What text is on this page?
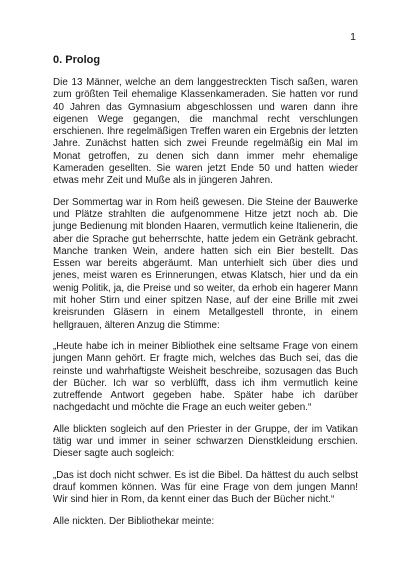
1
0. Prolog

Die 13 Männer, welche an dem langgestreckten Tisch saßen, waren zum größten Teil ehemalige Klassenkameraden. Sie hatten vor rund 40 Jahren das Gymnasium abgeschlossen und waren dann ihre eigenen Wege gegangen, die manchmal recht verschlungen erschienen. Ihre regelmäßigen Treffen waren ein Ergebnis der letzten Jahre. Zunächst hatten sich zwei Freunde regelmäßig ein Mal im Monat getroffen, zu denen sich dann immer mehr ehemalige Kameraden gesellten. Sie waren jetzt Ende 50 und hatten wieder etwas mehr Zeit und Muße als in jüngeren Jahren.

Der Sommertag war in Rom heiß gewesen. Die Steine der Bauwerke und Plätze strahlten die aufgenommene Hitze jetzt noch ab. Die junge Bedienung mit blonden Haaren, vermutlich keine Italienerin, die aber die Sprache gut beherrschte, hatte jedem ein Getränk gebracht. Manche tranken Wein, andere hatten sich ein Bier bestellt. Das Essen war bereits abgeräumt. Man unterhielt sich über dies und jenes, meist waren es Erinnerungen, etwas Klatsch, hier und da ein wenig Politik, ja, die Preise und so weiter, da erhob ein hagerer Mann mit hoher Stirn und einer spitzen Nase, auf der eine Brille mit zwei kreisrunden Gläsern in einem Metallgestell thronte, in einem hellgrauen, älteren Anzug die Stimme:

„Heute habe ich in meiner Bibliothek eine seltsame Frage von einem jungen Mann gehört. Er fragte mich, welches das Buch sei, das die reinste und wahrhaftigste Weisheit beschreibe, sozusagen das Buch der Bücher. Ich war so verblüfft, dass ich ihm vermutlich keine zutreffende Antwort gegeben habe. Später habe ich darüber nachgedacht und möchte die Frage an euch weiter geben.“

Alle blickten sogleich auf den Priester in der Gruppe, der im Vatikan tätig war und immer in seiner schwarzen Dienstkleidung erschien. Dieser sagte auch sogleich:

„Das ist doch nicht schwer. Es ist die Bibel. Da hättest du auch selbst drauf kommen können. Was für eine Frage von dem jungen Mann! Wir sind hier in Rom, da kennt einer das Buch der Bücher nicht.“

Alle nickten. Der Bibliothekar meinte:
